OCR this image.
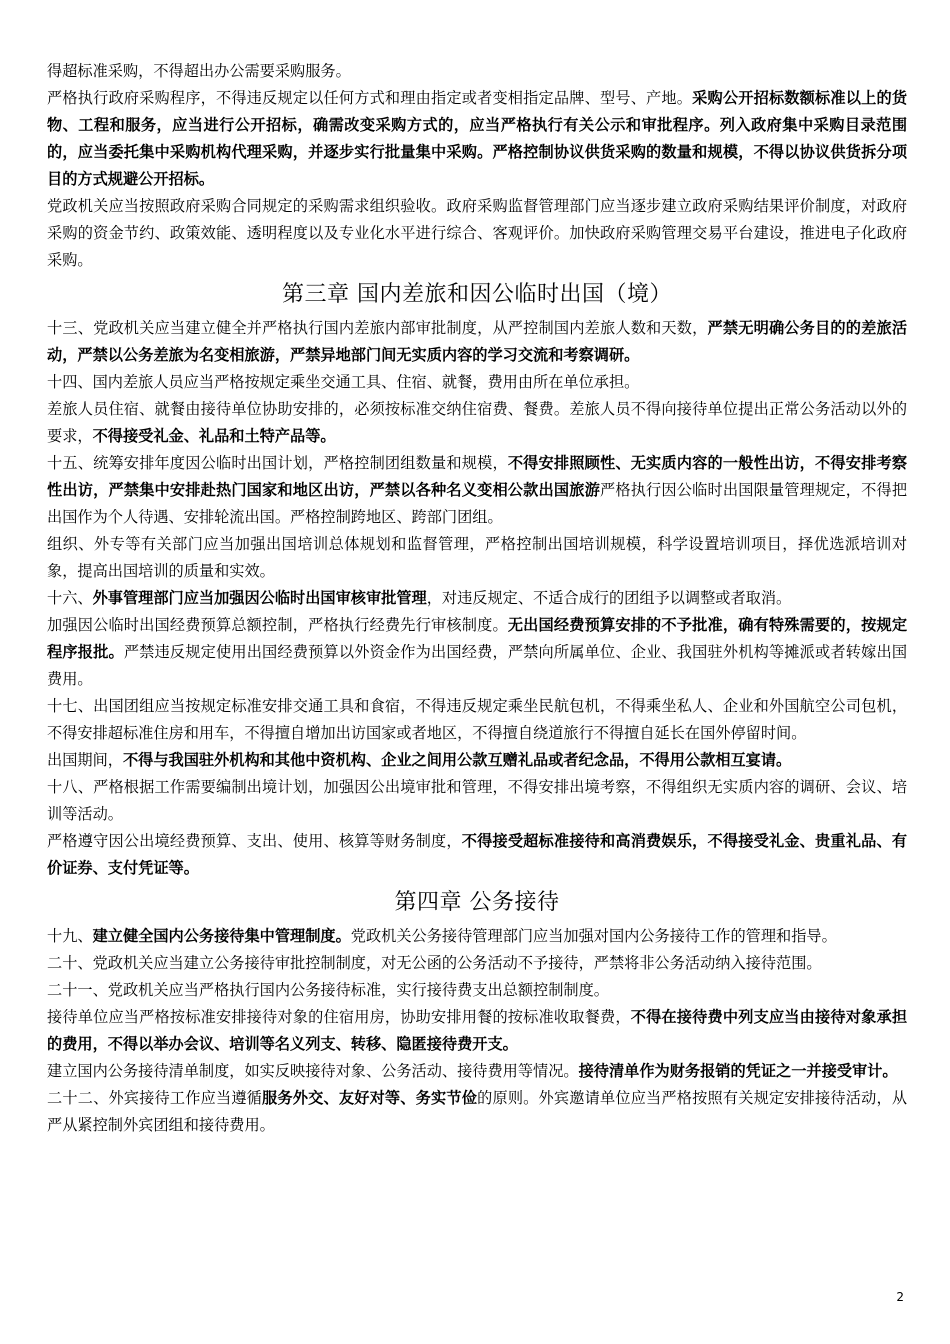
得超标准采购，不得超出办公需要采购服务。

严格执行政府采购程序，不得违反规定以任何方式和理由指定或者变相指定品牌、型号、产地。采购公开招标数额标准以上的货物、工程和服务，应当进行公开招标，确需改变采购方式的，应当严格执行有关公示和审批程序。列入政府集中采购目录范围的，应当委托集中采购机构代理采购，并逐步实行批量集中采购。严格控制协议供货采购的数量和规模，不得以协议供货拆分项目的方式规避公开招标。

党政机关应当按照政府采购合同规定的采购需求组织验收。政府采购监督管理部门应当逐步建立政府采购结果评价制度，对政府采购的资金节约、政策效能、透明程度以及专业化水平进行综合、客观评价。加快政府采购管理交易平台建设，推进电子化政府采购。

第三章 国内差旅和因公临时出国（境）

十三、党政机关应当建立健全并严格执行国内差旅内部审批制度，从严控制国内差旅人数和天数，严禁无明确公务目的的差旅活动，严禁以公务差旅为名变相旅游，严禁异地部门间无实质内容的学习交流和考察调研。

十四、国内差旅人员应当严格按规定乘坐交通工具、住宿、就餐，费用由所在单位承担。

差旅人员住宿、就餐由接待单位协助安排的，必须按标准交纳住宿费、餐费。差旅人员不得向接待单位提出正常公务活动以外的要求，不得接受礼金、礼品和土特产品等。

十五、统筹安排年度因公临时出国计划，严格控制团组数量和规模，不得安排照顾性、无实质内容的一般性出访，不得安排考察性出访，严禁集中安排赴热门国家和地区出访，严禁以各种名义变相公款出国旅游严格执行因公临时出国限量管理规定，不得把出国作为个人待遇、安排轮流出国。严格控制跨地区、跨部门团组。

组织、外专等有关部门应当加强出国培训总体规划和监督管理，严格控制出国培训规模，科学设置培训项目，择优选派培训对象，提高出国培训的质量和实效。

十六、外事管理部门应当加强因公临时出国审核审批管理，对违反规定、不适合成行的团组予以调整或者取消。

加强因公临时出国经费预算总额控制，严格执行经费先行审核制度。无出国经费预算安排的不予批准，确有特殊需要的，按规定程序报批。严禁违反规定使用出国经费预算以外资金作为出国经费，严禁向所属单位、企业、我国驻外机构等摊派或者转嫁出国费用。

十七、出国团组应当按规定标准安排交通工具和食宿，不得违反规定乘坐民航包机，不得乘坐私人、企业和外国航空公司包机，不得安排超标准住房和用车，不得擅自增加出访国家或者地区，不得擅自绕道旅行不得擅自延长在国外停留时间。

出国期间，不得与我国驻外机构和其他中资机构、企业之间用公款互赠礼品或者纪念品，不得用公款相互宴请。

十八、严格根据工作需要编制出境计划，加强因公出境审批和管理，不得安排出境考察，不得组织无实质内容的调研、会议、培训等活动。

严格遵守因公出境经费预算、支出、使用、核算等财务制度，不得接受超标准接待和高消费娱乐，不得接受礼金、贵重礼品、有价证券、支付凭证等。

第四章 公务接待

十九、建立健全国内公务接待集中管理制度。党政机关公务接待管理部门应当加强对国内公务接待工作的管理和指导。

二十、党政机关应当建立公务接待审批控制制度，对无公函的公务活动不予接待，严禁将非公务活动纳入接待范围。

二十一、党政机关应当严格执行国内公务接待标准，实行接待费支出总额控制制度。

接待单位应当严格按标准安排接待对象的住宿用房，协助安排用餐的按标准收取餐费，不得在接待费中列支应当由接待对象承担的费用，不得以举办会议、培训等名义列支、转移、隐匿接待费开支。

建立国内公务接待清单制度，如实反映接待对象、公务活动、接待费用等情况。接待清单作为财务报销的凭证之一并接受审计。

二十二、外宾接待工作应当遵循服务外交、友好对等、务实节俭的原则。外宾邀请单位应当严格按照有关规定安排接待活动，从严从紧控制外宾团组和接待费用。

2
